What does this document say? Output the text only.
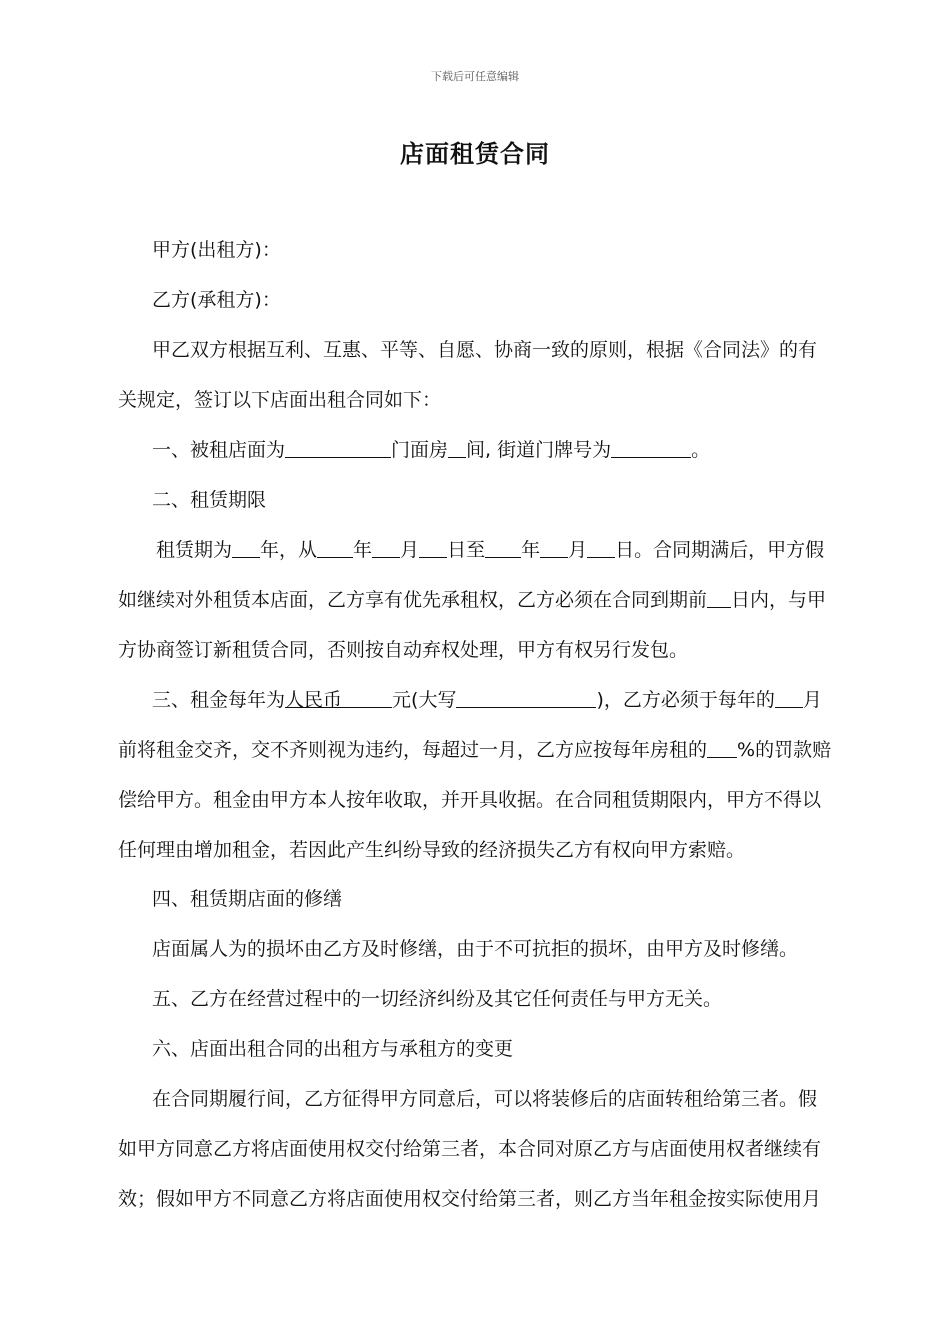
下载后可任意编辑
店面租赁合同

甲方(出租方)：

乙方(承租方)：

甲乙双方根据互利、互惠、平等、自愿、协商一致的原则，根据《合同法》的有关规定，签订以下店面出租合同如下：

一、被租店面为	门面房 间, 街道门牌号为	。

二、租赁期限

租赁期为 年，从 年 月 日至 年 月 日。合同期满后，甲方假如继续对外租赁本店面，乙方享有优先承租权，乙方必须在合同到期前 日内，与甲方协商签订新租赁合同，否则按自动弃权处理，甲方有权另行发包。

三、租金每年为人民币	元(大写	)，乙方必须于每年的 月前将租金交齐，交不齐则视为违约，每超过一月，乙方应按每年房租的 %的罚款赔偿给甲方。租金由甲方本人按年收取，并开具收据。在合同租赁期限内，甲方不得以任何理由增加租金，若因此产生纠纷导致的经济损失乙方有权向甲方索赔。

四、租赁期店面的修缮

店面属人为的损坏由乙方及时修缮，由于不可抗拒的损坏，由甲方及时修缮。

五、乙方在经营过程中的一切经济纠纷及其它任何责任与甲方无关。

六、店面出租合同的出租方与承租方的变更

在合同期履行间，乙方征得甲方同意后，可以将装修后的店面转租给第三者。假如甲方同意乙方将店面使用权交付给第三者，本合同对原乙方与店面使用权者继续有效；假如甲方不同意乙方将店面使用权交付给第三者，则乙方当年租金按实际使用月
